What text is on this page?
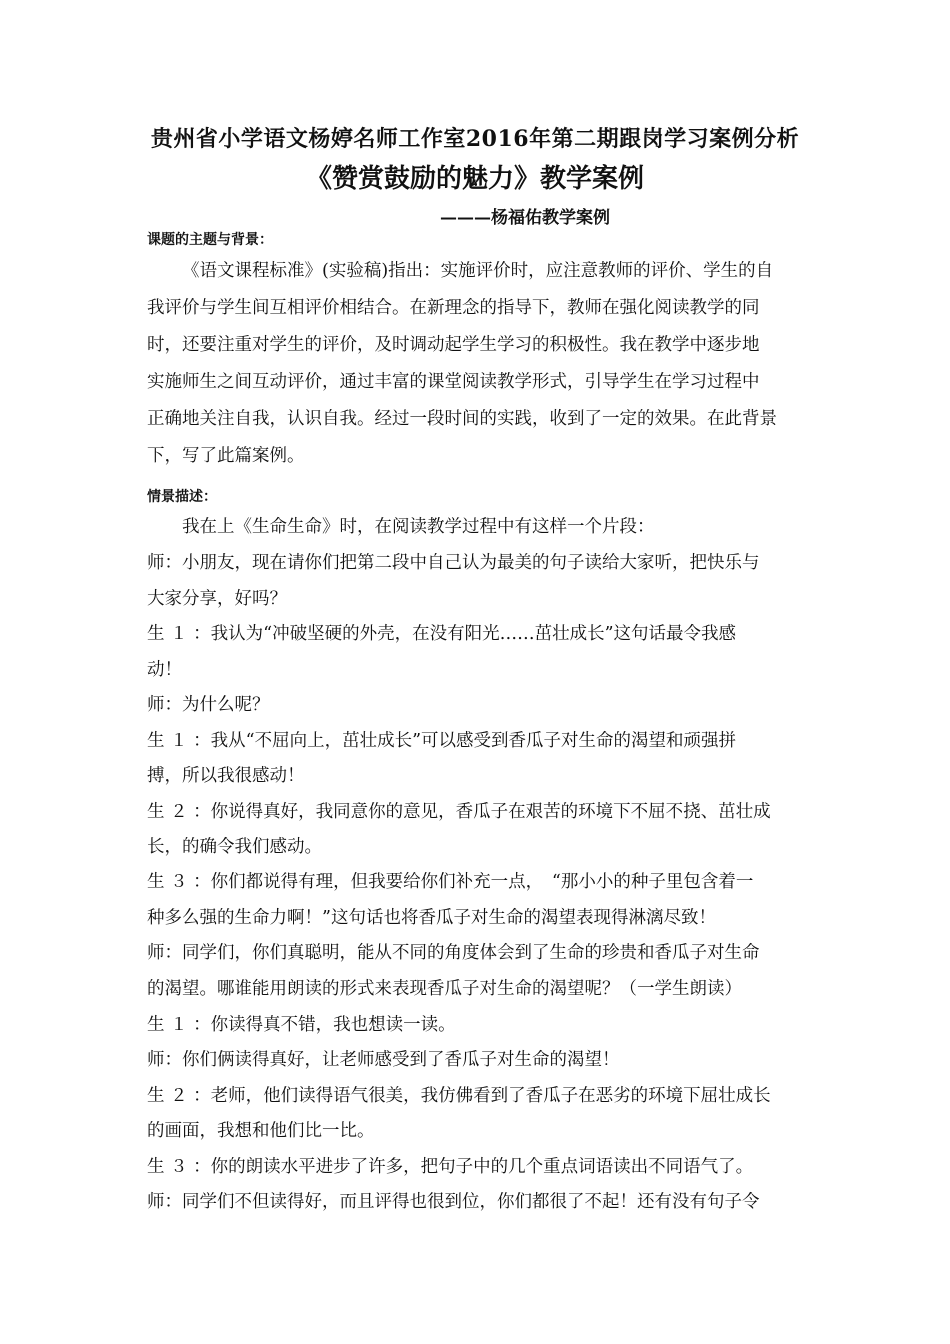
贵州省小学语文杨婷名师工作室2016年第二期跟岗学习案例分析
《赞赏鼓励的魅力》教学案例
———杨福佑教学案例
课题的主题与背景：
《语文课程标准》(实验稿)指出：实施评价时，应注意教师的评价、学生的自
我评价与学生间互相评价相结合。在新理念的指导下，教师在强化阅读教学的同
时，还要注重对学生的评价，及时调动起学生学习的积极性。我在教学中逐步地
实施师生之间互动评价，通过丰富的课堂阅读教学形式，引导学生在学习过程中
正确地关注自我，认识自我。经过一段时间的实践，收到了一定的效果。在此背景
下，写了此篇案例。
情景描述：
我在上《生命生命》时，在阅读教学过程中有这样一个片段：
师：小朋友，现在请你们把第二段中自己认为最美的句子读给大家听，把快乐与
大家分享，好吗？
生 １ ：我认为“冲破坚硬的外壳，在没有阳光……茁壮成长”这句话最令我感
动！
师：为什么呢？
生 １ ：我从“不屈向上，茁壮成长”可以感受到香瓜子对生命的渴望和顽强拼
搏，所以我很感动！
生 ２ ：你说得真好，我同意你的意见，香瓜子在艰苦的环境下不屈不挠、茁壮成
长，的确令我们感动。
生 ３ ：你们都说得有理，但我要给你们补充一点，　“那小小的种子里包含着一
种多么强的生命力啊！”这句话也将香瓜子对生命的渴望表现得淋漓尽致！
师：同学们，你们真聪明，能从不同的角度体会到了生命的珍贵和香瓜子对生命
的渴望。哪谁能用朗读的形式来表现香瓜子对生命的渴望呢？（一学生朗读）
生 １ ：你读得真不错，我也想读一读。
师：你们俩读得真好，让老师感受到了香瓜子对生命的渴望！
生 ２ ：老师，他们读得语气很美，我仿佛看到了香瓜子在恶劣的环境下屈壮成长
的画面，我想和他们比一比。
生 ３ ：你的朗读水平进步了许多，把句子中的几个重点词语读出不同语气了。
师：同学们不但读得好，而且评得也很到位，你们都很了不起！还有没有句子令
